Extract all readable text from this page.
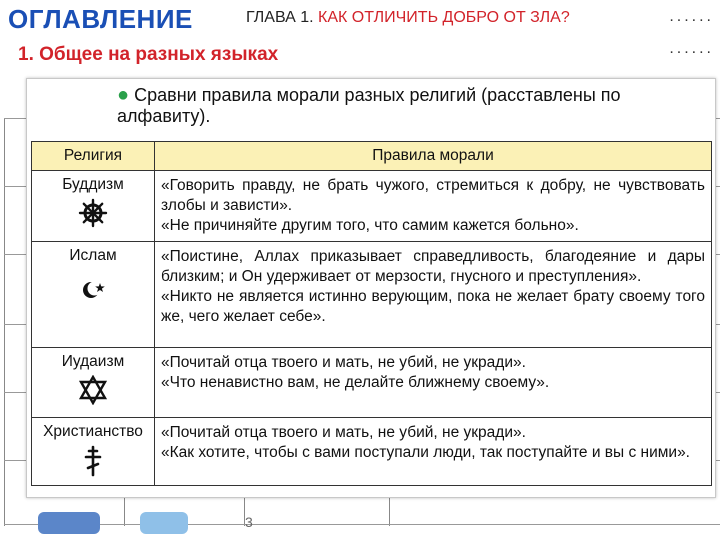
ОГЛАВЛЕНИЕ	ГЛАВА 1. КАК ОТЛИЧИТЬ ДОБРО ОТ ЗЛА?	......
......
1. Общее на разных языках
3
● Сравни правила морали разных религий (расставлены по алфавиту).
Религия	Правила морали

Буддизм	«Говорить правду, не брать чужого, стремиться к добру, не чувствовать злобы и зависти».

«Не причиняйте другим того, что самим кажется больно».

Ислам	«Поистине, Аллах приказывает справедливость, благодеяние и дары близким; и Он удерживает от мерзости, гнусного и преступления».

«Никто не является истинно верующим, пока не желает брату своему того же, чего желает себе».

Иудаизм	«Почитай отца твоего и мать, не убий, не укради».

«Что ненавистно вам, не делайте ближнему своему».

Христианство	«Почитай отца твоего и мать, не убий, не укради».

«Как хотите, чтобы с вами поступали люди, так поступайте и вы с ними».
